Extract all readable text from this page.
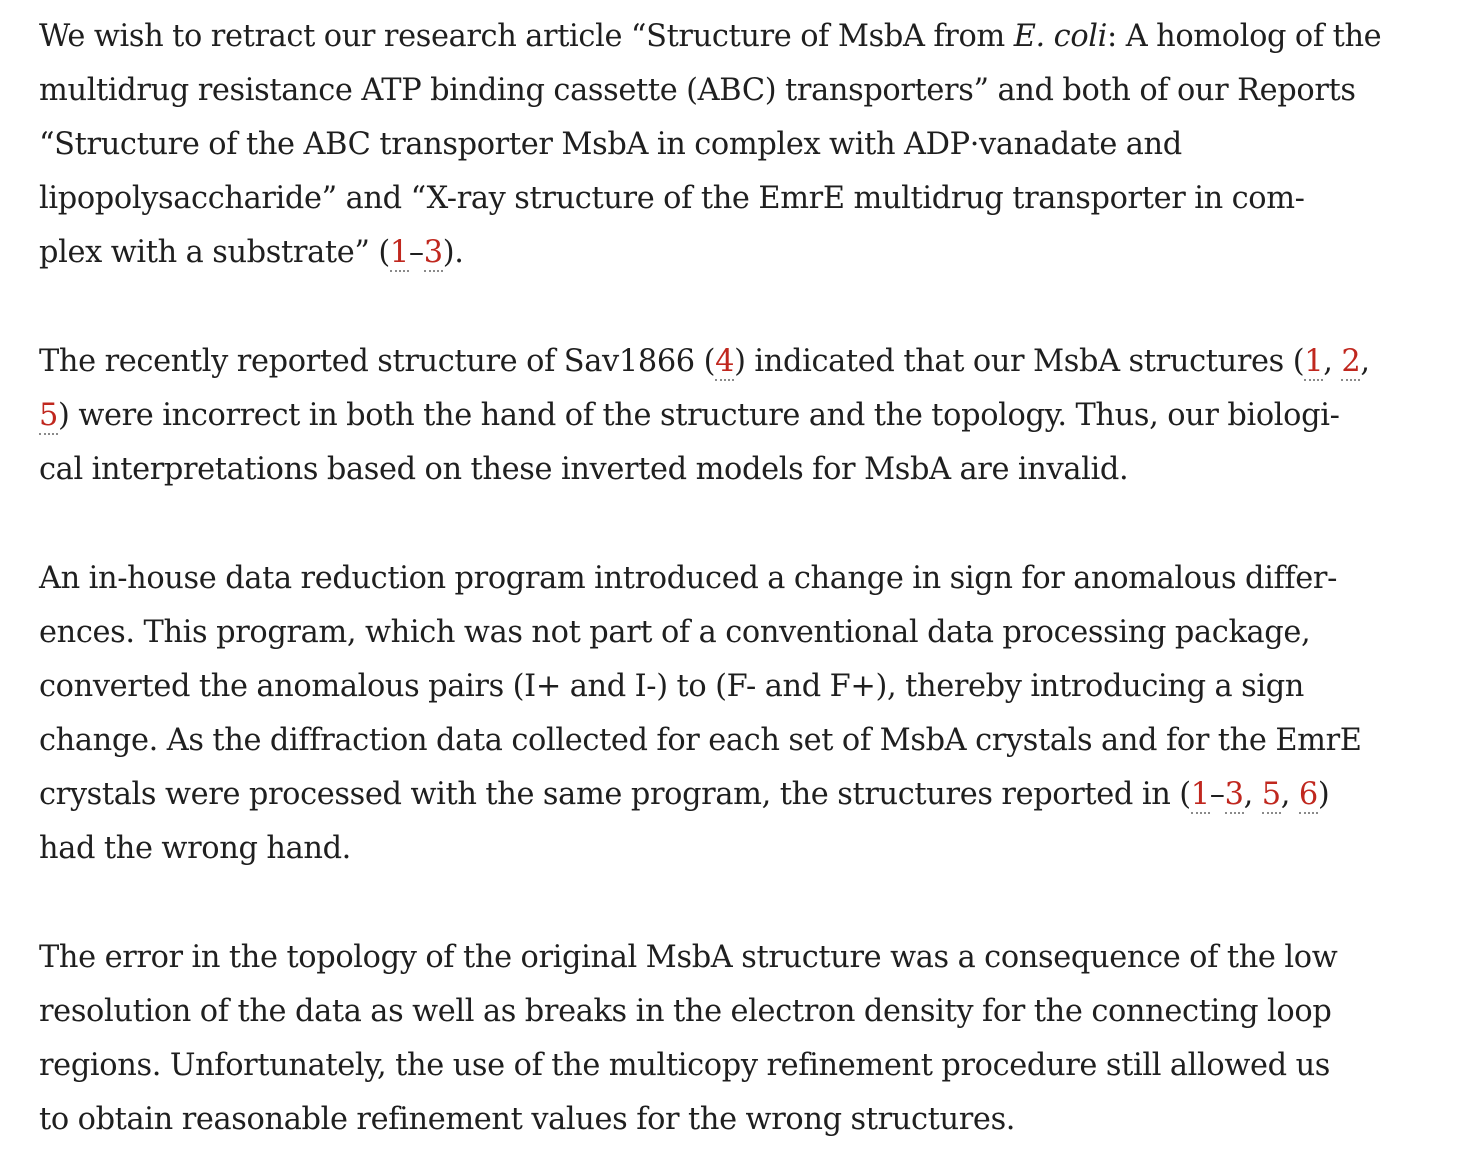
We wish to retract our research article “Structure of MsbA from E. coli: A homolog of the multidrug resistance ATP binding cassette (ABC) transporters” and both of our Reports “Structure of the ABC transporter MsbA in complex with ADP·vanadate and lipopolysaccharide” and “X-ray structure of the EmrE multidrug transporter in com-
plex with a substrate” (1–3).

The recently reported structure of Sav1866 (4) indicated that our MsbA structures (1, 2,
5) were incorrect in both the hand of the structure and the topology. Thus, our biologi-
cal interpretations based on these inverted models for MsbA are invalid.

An in-house data reduction program introduced a change in sign for anomalous differ-
ences. This program, which was not part of a conventional data processing package,
converted the anomalous pairs (I+ and I-) to (F- and F+), thereby introducing a sign
change. As the diffraction data collected for each set of MsbA crystals and for the EmrE
crystals were processed with the same program, the structures reported in (1–3, 5, 6)
had the wrong hand.

The error in the topology of the original MsbA structure was a consequence of the low
resolution of the data as well as breaks in the electron density for the connecting loop
regions. Unfortunately, the use of the multicopy refinement procedure still allowed us
to obtain reasonable refinement values for the wrong structures.
